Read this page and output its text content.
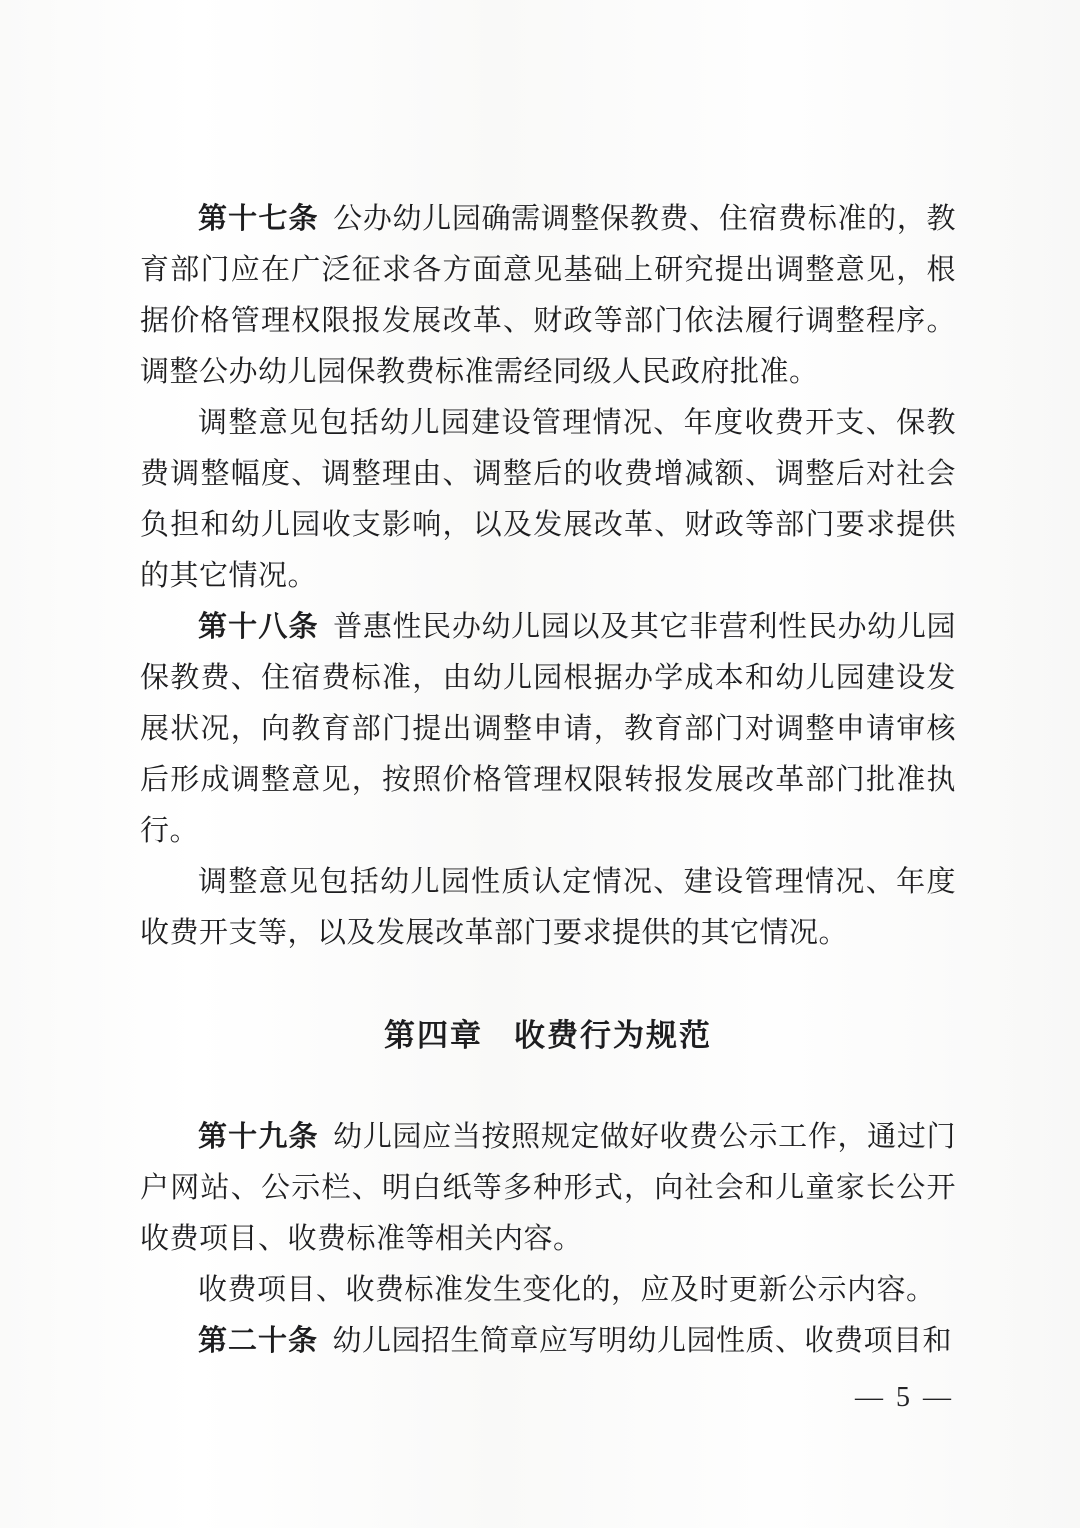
第十七条 公办幼儿园确需调整保教费、住宿费标准的，教育部门应在广泛征求各方面意见基础上研究提出调整意见，根据价格管理权限报发展改革、财政等部门依法履行调整程序。调整公办幼儿园保教费标准需经同级人民政府批准。

调整意见包括幼儿园建设管理情况、年度收费开支、保教费调整幅度、调整理由、调整后的收费增减额、调整后对社会负担和幼儿园收支影响，以及发展改革、财政等部门要求提供的其它情况。

第十八条 普惠性民办幼儿园以及其它非营利性民办幼儿园保教费、住宿费标准，由幼儿园根据办学成本和幼儿园建设发展状况，向教育部门提出调整申请，教育部门对调整申请审核后形成调整意见，按照价格管理权限转报发展改革部门批准执行。

调整意见包括幼儿园性质认定情况、建设管理情况、年度收费开支等，以及发展改革部门要求提供的其它情况。

第四章 收费行为规范

第十九条 幼儿园应当按照规定做好收费公示工作，通过门户网站、公示栏、明白纸等多种形式，向社会和儿童家长公开收费项目、收费标准等相关内容。

收费项目、收费标准发生变化的，应及时更新公示内容。

第二十条 幼儿园招生简章应写明幼儿园性质、收费项目和

— 5 —
